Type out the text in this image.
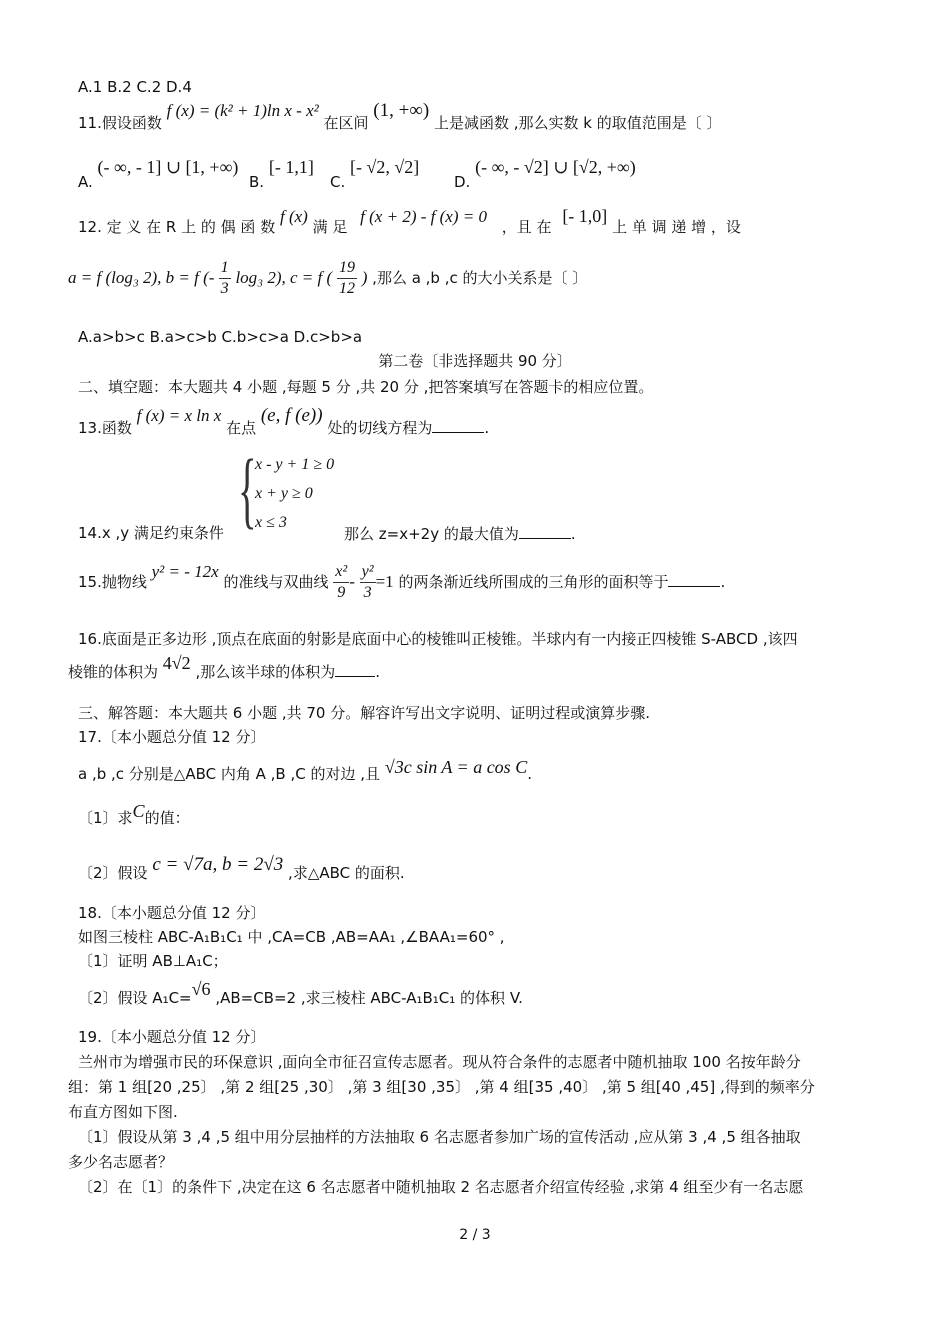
A.1 B.2 C.2 D.4
11.假设函数 f (x) = (k² + 1)ln x - x² 在区间 (1, +∞) 上是减函数 ,那么实数 k 的取值范围是〔 〕
A. (- ∞, - 1] ∪ [1, +∞)
B. [- 1,1]
C. [- √2, √2]
D. (- ∞, - √2] ∪ [√2, +∞)
12. 定 义 在 R 上 的 偶 函 数 f (x) 满 足 f (x + 2) - f (x) = 0 ，且 在 [- 1,0] 上 单 调 递 增 ，设
a = f (log₃ 2), b = f (- $\frac{1}{3} \log_3$ 2), c = f ( $\frac{19}{12}$ ) ,那么 a ,b ,c 的大小关系是〔 〕
A.a>b>c B.a>c>b C.b>c>a D.c>b>a
第二卷〔非选择题共 90 分〕
二、填空题：本大题共 4 小题 ,每题 5 分 ,共 20 分 ,把答案填写在答题卡的相应位置。
13.函数 f (x) = x ln x 在点 (e, f (e)) 处的切线方程为	.
{
x - y + 1 ≥ 0
x + y ≥ 0
x ≤ 3
14.x ,y 满足约束条件	那么 z=x+2y 的最大值为	.
15.抛物线 y² = - 12x 的准线与双曲线 $\frac{\text{x²}}{9} - \frac{\text{y²}}{3} =1$ 的两条渐近线所围成的三角形的面积等于	.
16.底面是正多边形 ,顶点在底面的射影是底面中心的棱锥叫正棱锥。半球内有一内接正四棱锥 S-ABCD ,该四
棱锥的体积为 4√2 ,那么该半球的体积为	.
三、解答题：本大题共 6 小题 ,共 70 分。解容许写出文字说明、证明过程或演算步骤.
17.〔本小题总分值 12 分〕
a ,b ,c 分别是△ABC 内角 A ,B ,C 的对边 ,且 √3c sin A = a cos C.
〔1〕求C的值：
〔2〕假设 c = √7a, b = 2√3 ,求△ABC 的面积.
18.〔本小题总分值 12 分〕
如图三棱柱 ABC-A₁B₁C₁ 中 ,CA=CB ,AB=AA₁ ,∠BAA₁=60° ,
〔1〕证明 AB⊥A₁C；
〔2〕假设 A₁C=√6 ,AB=CB=2 ,求三棱柱 ABC-A₁B₁C₁ 的体积 V.
19.〔本小题总分值 12 分〕
兰州市为增强市民的环保意识 ,面向全市征召宣传志愿者。现从符合条件的志愿者中随机抽取 100 名按年龄分
组：第 1 组[20 ,25〕 ,第 2 组[25 ,30〕 ,第 3 组[30 ,35〕 ,第 4 组[35 ,40〕 ,第 5 组[40 ,45] ,得到的频率分
布直方图如下图.
〔1〕假设从第 3 ,4 ,5 组中用分层抽样的方法抽取 6 名志愿者参加广场的宣传活动 ,应从第 3 ,4 ,5 组各抽取
多少名志愿者？
〔2〕在〔1〕的条件下 ,决定在这 6 名志愿者中随机抽取 2 名志愿者介绍宣传经验 ,求第 4 组至少有一名志愿
2 / 3
